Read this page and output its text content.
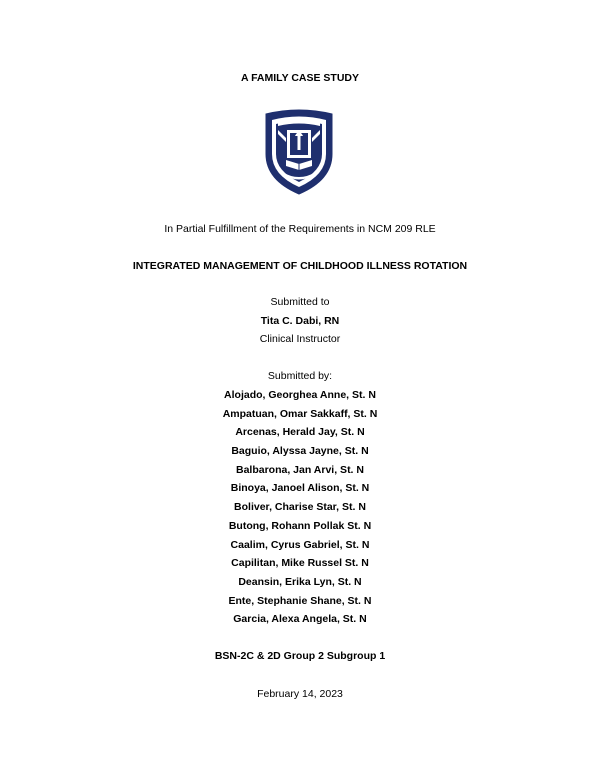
A FAMILY CASE STUDY
In Partial Fulfillment of the Requirements in NCM 209 RLE
INTEGRATED MANAGEMENT OF CHILDHOOD ILLNESS ROTATION
Submitted to
Tita C. Dabi, RN
Clinical Instructor
Submitted by:
Alojado, Georghea Anne, St. N
Ampatuan, Omar Sakkaff, St. N
Arcenas, Herald Jay, St. N
Baguio, Alyssa Jayne, St. N
Balbarona, Jan Arvi, St. N
Binoya, Janoel Alison, St. N
Boliver, Charise Star, St. N
Butong, Rohann Pollak St. N
Caalim, Cyrus Gabriel, St. N
Capilitan, Mike Russel St. N
Deansin, Erika Lyn, St. N
Ente, Stephanie Shane, St. N
Garcia, Alexa Angela, St. N
BSN-2C & 2D Group 2 Subgroup 1
February 14, 2023
